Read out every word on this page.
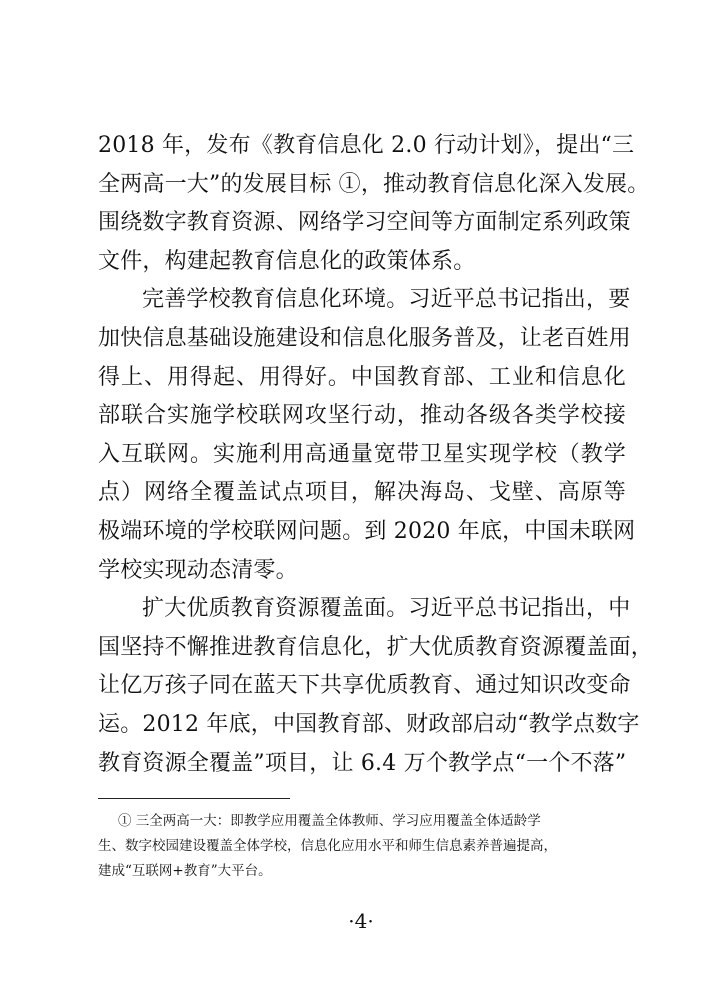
2018 年，发布《教育信息化 2.0 行动计划》，提出“三
全两高一大”的发展目标 ①，推动教育信息化深入发展。
围绕数字教育资源、网络学习空间等方面制定系列政策
文件，构建起教育信息化的政策体系。
完善学校教育信息化环境。习近平总书记指出，要
加快信息基础设施建设和信息化服务普及，让老百姓用
得上、用得起、用得好。中国教育部、工业和信息化
部联合实施学校联网攻坚行动，推动各级各类学校接
入互联网。实施利用高通量宽带卫星实现学校（教学
点）网络全覆盖试点项目，解决海岛、戈壁、高原等
极端环境的学校联网问题。到 2020 年底，中国未联网
学校实现动态清零。
扩大优质教育资源覆盖面。习近平总书记指出，中
国坚持不懈推进教育信息化，扩大优质教育资源覆盖面，
让亿万孩子同在蓝天下共享优质教育、通过知识改变命
运。2012 年底，中国教育部、财政部启动“教学点数字
教育资源全覆盖”项目，让 6.4 万个教学点“一个不落”
① 三全两高一大：即教学应用覆盖全体教师、学习应用覆盖全体适龄学
生、数字校园建设覆盖全体学校，信息化应用水平和师生信息素养普遍提高，
建成“互联网+教育”大平台。
·4·
